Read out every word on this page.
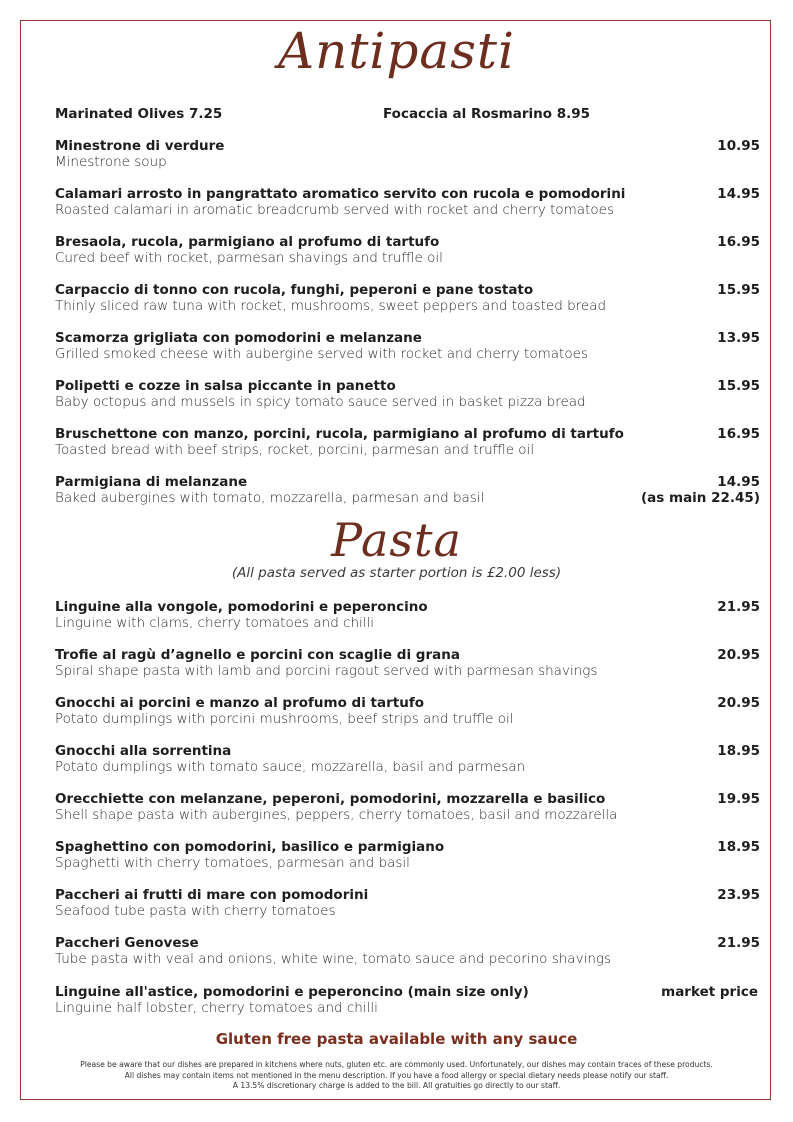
Antipasti
Marinated Olives 7.25	Focaccia al Rosmarino 8.95
Minestrone di verdure
Minestrone soup
10.95
Calamari arrosto in pangrattato aromatico servito con rucola e pomodorini
Roasted calamari in aromatic breadcrumb served with rocket and cherry tomatoes
14.95
Bresaola, rucola, parmigiano al profumo di tartufo
Cured beef with rocket, parmesan shavings and truffle oil
16.95
Carpaccio di tonno con rucola, funghi, peperoni e pane tostato
Thinly sliced raw tuna with rocket, mushrooms, sweet peppers and toasted bread
15.95
Scamorza grigliata con pomodorini e melanzane
Grilled smoked cheese with aubergine served with rocket and cherry tomatoes
13.95
Polipetti e cozze in salsa piccante in panetto
Baby octopus and mussels in spicy tomato sauce served in basket pizza bread
15.95
Bruschettone con manzo, porcini, rucola, parmigiano al profumo di tartufo
Toasted bread with beef strips, rocket, porcini, parmesan and truffle oil
16.95
Parmigiana di melanzane
Baked aubergines with tomato, mozzarella, parmesan and basil
14.95
(as main 22.45)
Pasta
(All pasta served as starter portion is £2.00 less)
Linguine alla vongole, pomodorini e peperoncino
Linguine with clams, cherry tomatoes and chilli
21.95
Trofie al ragù d’agnello e porcini con scaglie di grana
Spiral shape pasta with lamb and porcini ragout served with parmesan shavings
20.95
Gnocchi ai porcini e manzo al profumo di tartufo
Potato dumplings with porcini mushrooms, beef strips and truffle oil
20.95
Gnocchi alla sorrentina
Potato dumplings with tomato sauce, mozzarella, basil and parmesan
18.95
Orecchiette con melanzane, peperoni, pomodorini, mozzarella e basilico
Shell shape pasta with aubergines, peppers, cherry tomatoes, basil and mozzarella
19.95
Spaghettino con pomodorini, basilico e parmigiano
Spaghetti with cherry tomatoes, parmesan and basil
18.95
Paccheri ai frutti di mare con pomodorini
Seafood tube pasta with cherry tomatoes
23.95
Paccheri Genovese
Tube pasta with veal and onions, white wine, tomato sauce and pecorino shavings
21.95
Linguine all'astice, pomodorini e peperoncino (main size only)
Linguine half lobster, cherry tomatoes and chilli
market price
Gluten free pasta available with any sauce
Please be aware that our dishes are prepared in kitchens where nuts, gluten etc. are commonly used. Unfortunately, our dishes may contain traces of these products.
All dishes may contain items not mentioned in the menu description. If you have a food allergy or special dietary needs please notify our staff.
A 13.5% discretionary charge is added to the bill. All gratuities go directly to our staff.
